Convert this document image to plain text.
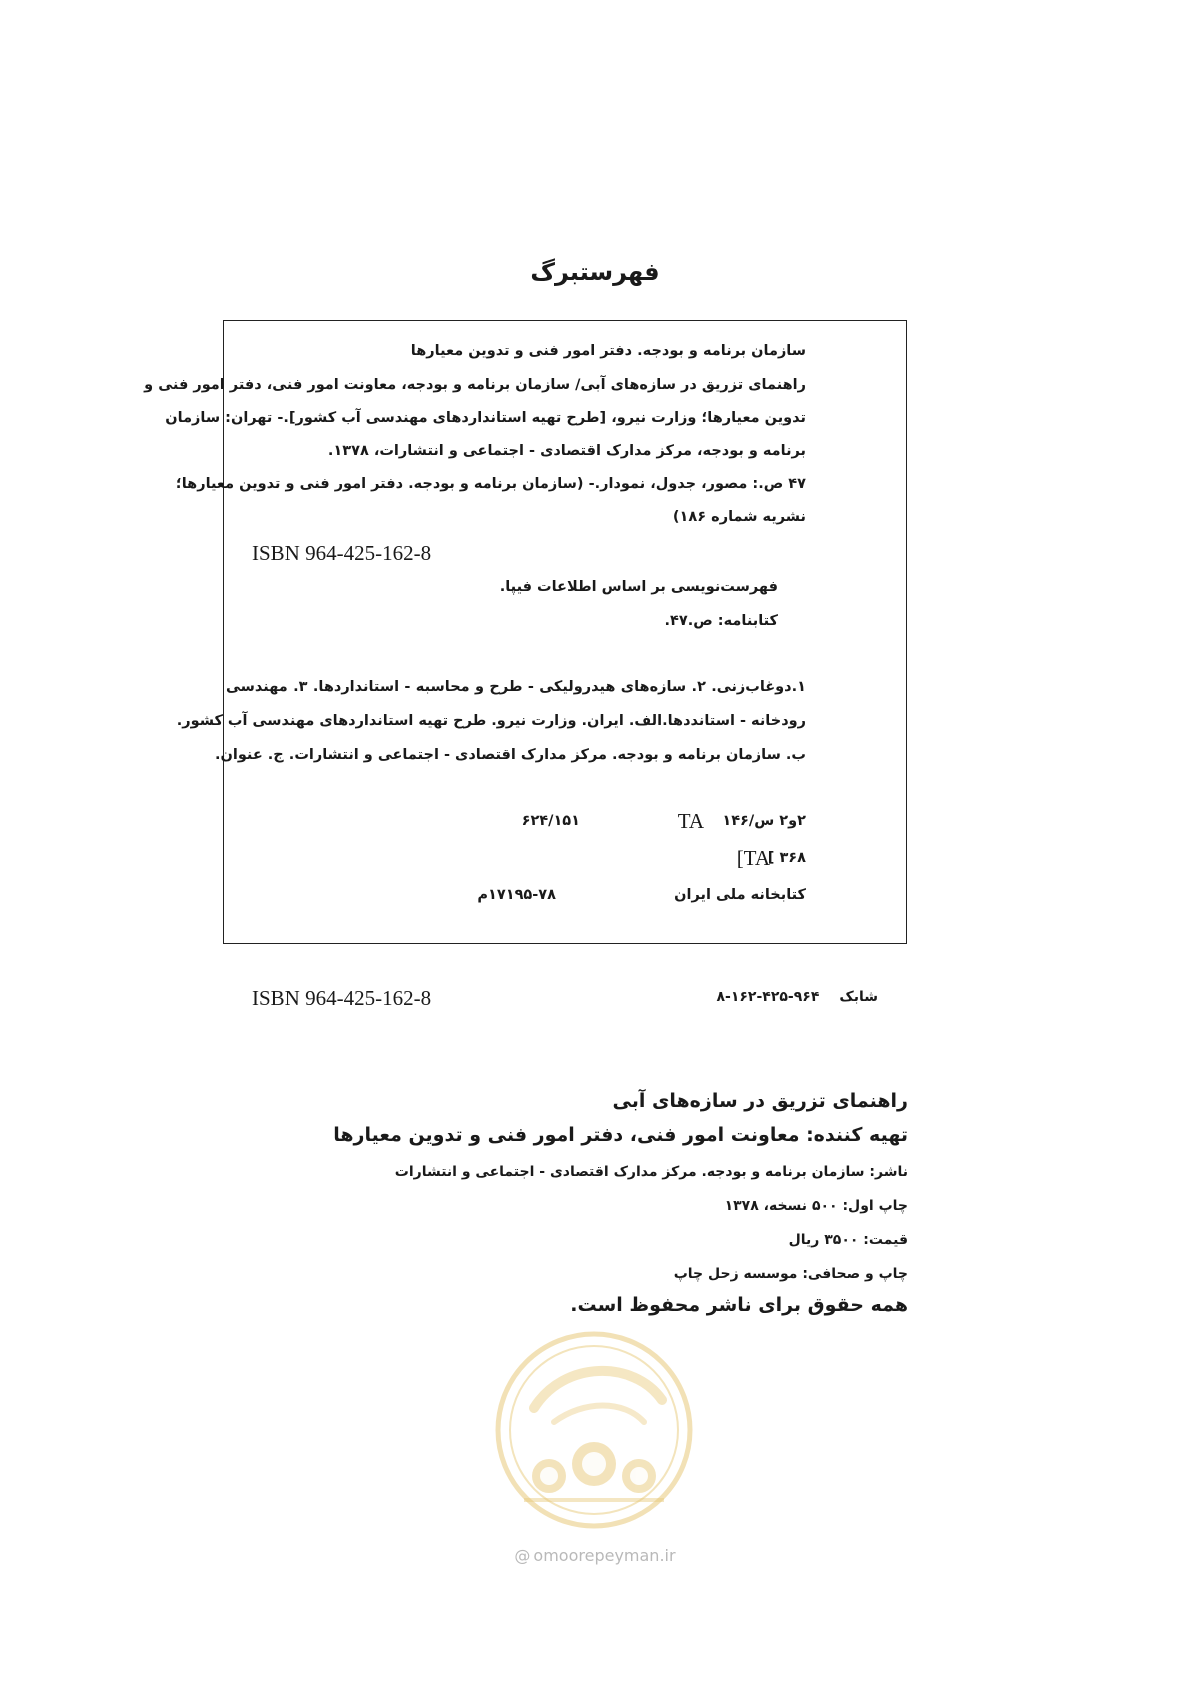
فهرستبرگ
سازمان برنامه و بودجه. دفتر امور فنی و تدوین معیارها
راهنمای تزریق در سازه‌های آبی/ سازمان برنامه و بودجه، معاونت امور فنی، دفتر امور فنی و
تدوین معیارها؛ وزارت نیرو، [طرح تهیه استانداردهای مهندسی آب کشور].- تهران: سازمان
برنامه و بودجه، مرکز مدارک اقتصادی - اجتماعی و انتشارات، ۱۳۷۸.
۴۷ ص.: مصور، جدول، نمودار.- (سازمان برنامه و بودجه. دفتر امور فنی و تدوین معیارها؛
نشریه شماره ۱۸۶)
ISBN 964-425-162-8
فهرست‌نویسی بر اساس اطلاعات فیپا.
کتابنامه: ص.۴۷.
۱.دوغاب‌زنی. ۲. سازه‌های هیدرولیکی - طرح و محاسبه - استانداردها. ۳. مهندسی
رودخانه - استانددها.الف. ایران. وزارت نیرو. طرح تهیه استانداردهای مهندسی آب کشور.
ب. سازمان برنامه و بودجه. مرکز مدارک اقتصادی - اجتماعی و انتشارات. ج. عنوان.
۲و۲ س/۱۴۶
TA
۶۲۴/۱۵۱
[TA
۳۶۸ ]
کتابخانه ملی ایران
۱۷۱۹۵-۷۸م
ISBN 964-425-162-8	شابک۹۶۴-۴۲۵-۱۶۲-۸
راهنمای تزریق در سازه‌های آبی
تهیه کننده: معاونت امور فنی، دفتر امور فنی و تدوین معیارها
ناشر: سازمان برنامه و بودجه. مرکز مدارک اقتصادی - اجتماعی و انتشارات
چاپ اول: ۵۰۰ نسخه، ۱۳۷۸
قیمت: ۳۵۰۰ ریال
چاپ و صحافی: موسسه زحل چاپ
همه حقوق برای ناشر محفوظ است.
@ omoorepeyman.ir
